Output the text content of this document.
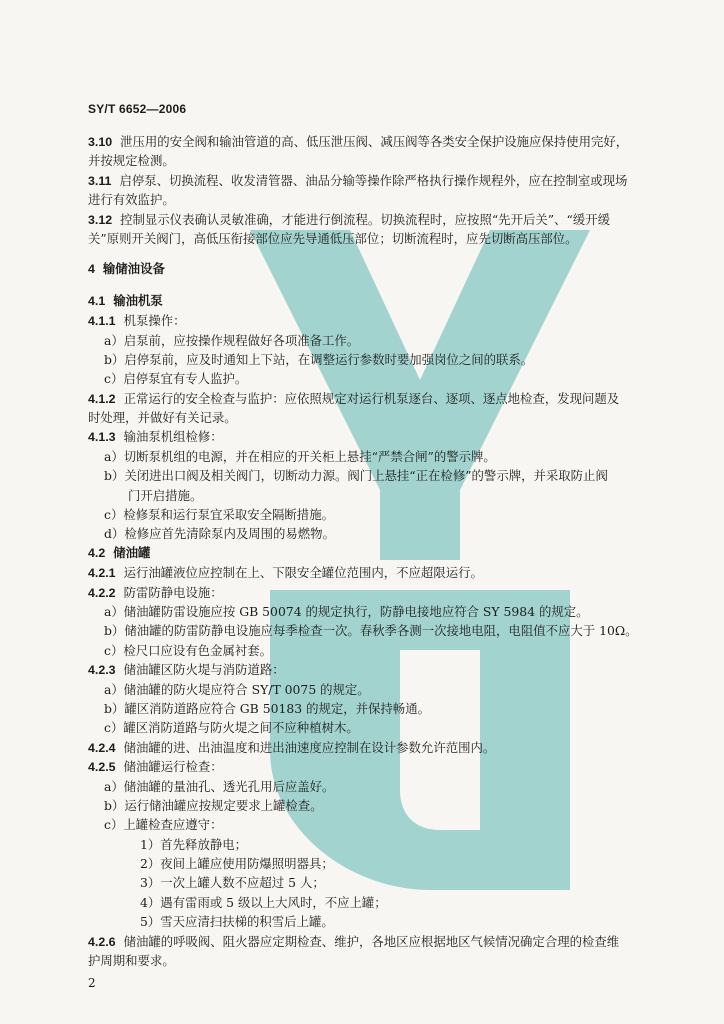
SY/T 6652—2006
3.10 泄压用的安全阀和输油管道的高、低压泄压阀、减压阀等各类安全保护设施应保持使用完好，
并按规定检测。
3.11 启停泵、切换流程、收发清管器、油品分输等操作除严格执行操作规程外，应在控制室或现场
进行有效监护。
3.12 控制显示仪表确认灵敏准确，才能进行倒流程。切换流程时，应按照“先开后关”、“缓开缓
关”原则开关阀门，高低压衔接部位应先导通低压部位；切断流程时，应先切断高压部位。
4 输储油设备
4.1 输油机泵
4.1.1 机泵操作：
a）启泵前，应按操作规程做好各项准备工作。
b）启停泵前，应及时通知上下站，在调整运行参数时要加强岗位之间的联系。
c）启停泵宜有专人监护。
4.1.2 正常运行的安全检查与监护：应依照规定对运行机泵逐台、逐项、逐点地检查，发现问题及
时处理，并做好有关记录。
4.1.3 输油泵机组检修：
a）切断泵机组的电源，并在相应的开关柜上悬挂“严禁合闸”的警示牌。
b）关闭进出口阀及相关阀门，切断动力源。阀门上悬挂“正在检修”的警示牌，并采取防止阀
门开启措施。
c）检修泵和运行泵宜采取安全隔断措施。
d）检修应首先清除泵内及周围的易燃物。
4.2 储油罐
4.2.1 运行油罐液位应控制在上、下限安全罐位范围内，不应超限运行。
4.2.2 防雷防静电设施：
a）储油罐防雷设施应按 GB 50074 的规定执行，防静电接地应符合 SY 5984 的规定。
b）储油罐的防雷防静电设施应每季检查一次。春秋季各测一次接地电阻，电阻值不应大于 10Ω。
c）检尺口应设有色金属衬套。
4.2.3 储油罐区防火堤与消防道路：
a）储油罐的防火堤应符合 SY/T 0075 的规定。
b）罐区消防道路应符合 GB 50183 的规定，并保持畅通。
c）罐区消防道路与防火堤之间不应种植树木。
4.2.4 储油罐的进、出油温度和进出油速度应控制在设计参数允许范围内。
4.2.5 储油罐运行检查：
a）储油罐的量油孔、透光孔用后应盖好。
b）运行储油罐应按规定要求上罐检查。
c）上罐检查应遵守：
1）首先释放静电；
2）夜间上罐应使用防爆照明器具；
3）一次上罐人数不应超过 5 人；
4）遇有雷雨或 5 级以上大风时，不应上罐；
5）雪天应清扫扶梯的积雪后上罐。
4.2.6 储油罐的呼吸阀、阻火器应定期检查、维护，各地区应根据地区气候情况确定合理的检查维
护周期和要求。
2
